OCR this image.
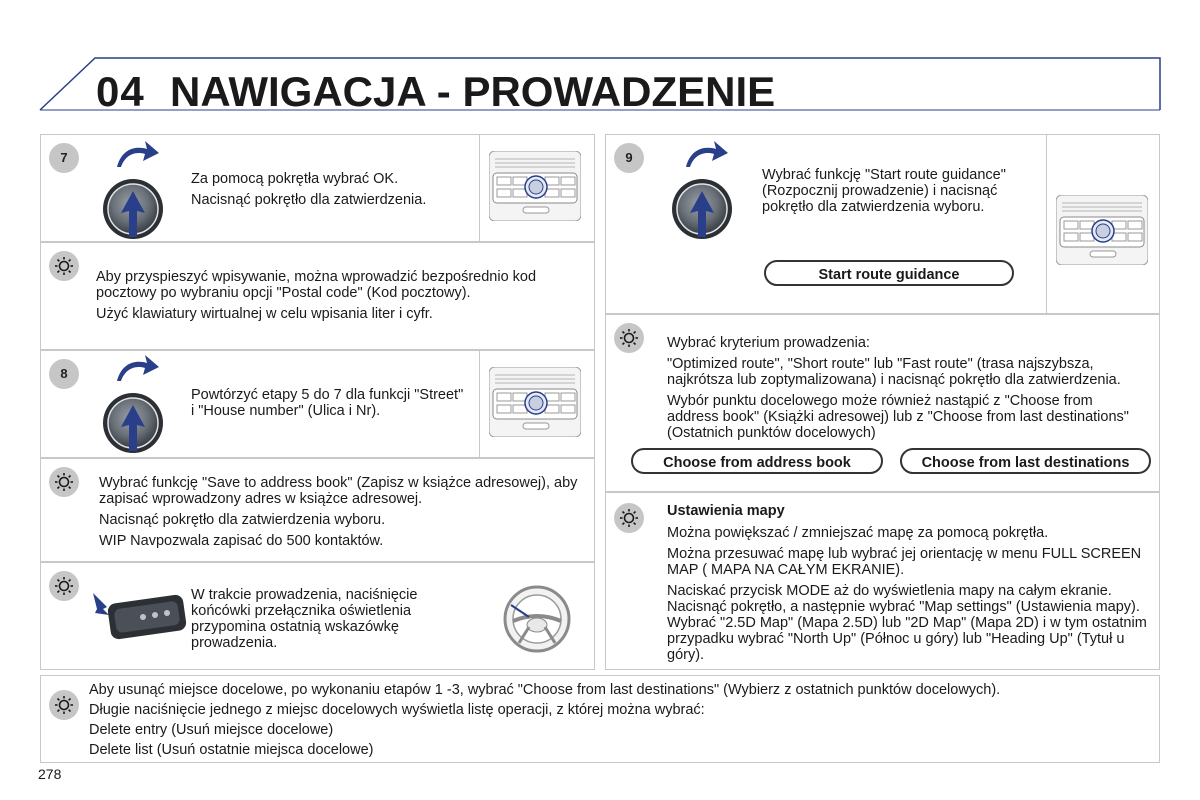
04 NAWIGACJA - PROWADZENIE
7

Za pomocą pokrętła wybrać OK.

Nacisnąć pokrętło dla zatwierdzenia.

Aby przyspieszyć wpisywanie, można wprowadzić bezpośrednio kod pocztowy po wybraniu opcji "Postal code" (Kod pocztowy).

Użyć klawiatury wirtualnej w celu wpisania liter i cyfr.

8

Powtórzyć etapy 5 do 7 dla funkcji "Street" i "House number" (Ulica i Nr).

Wybrać funkcję "Save to address book" (Zapisz w książce adresowej), aby zapisać wprowadzony adres w książce adresowej.

Nacisnąć pokrętło dla zatwierdzenia wyboru.

WIP Navpozwala zapisać do 500 kontaktów.

W trakcie prowadzenia, naciśnięcie końcówki przełącznika oświetlenia przypomina ostatnią wskazówkę prowadzenia.

9

Wybrać funkcję "Start route guidance" (Rozpocznij prowadzenie) i nacisnąć pokrętło dla zatwierdzenia wyboru.

Start route guidance

Wybrać kryterium prowadzenia:

"Optimized route", "Short route" lub "Fast route" (trasa najszybsza, najkrótsza lub zoptymalizowana) i nacisnąć pokrętło dla zatwierdzenia.

Wybór punktu docelowego może również nastąpić z "Choose from address book" (Książki adresowej) lub z "Choose from last destinations" (Ostatnich punktów docelowych)

Choose from address book	Choose from last destinations

Ustawienia mapy

Można powiększać / zmniejszać mapę za pomocą pokrętła.

Można przesuwać mapę lub wybrać jej orientację w menu FULL SCREEN MAP ( MAPA NA CAŁYM EKRANIE).

Naciskać przycisk MODE aż do wyświetlenia mapy na całym ekranie. Nacisnąć pokrętło, a następnie wybrać "Map settings" (Ustawienia mapy). Wybrać "2.5D Map" (Mapa 2.5D) lub "2D Map" (Mapa 2D) i w tym ostatnim przypadku wybrać "North Up" (Północ u góry) lub "Heading Up" (Tytuł u góry).

Aby usunąć miejsce docelowe, po wykonaniu etapów 1 -3, wybrać "Choose from last destinations" (Wybierz z ostatnich punktów docelowych).

Długie naciśnięcie jednego z miejsc docelowych wyświetla listę operacji, z której można wybrać:

Delete entry (Usuń miejsce docelowe)

Delete list (Usuń ostatnie miejsca docelowe)

278
